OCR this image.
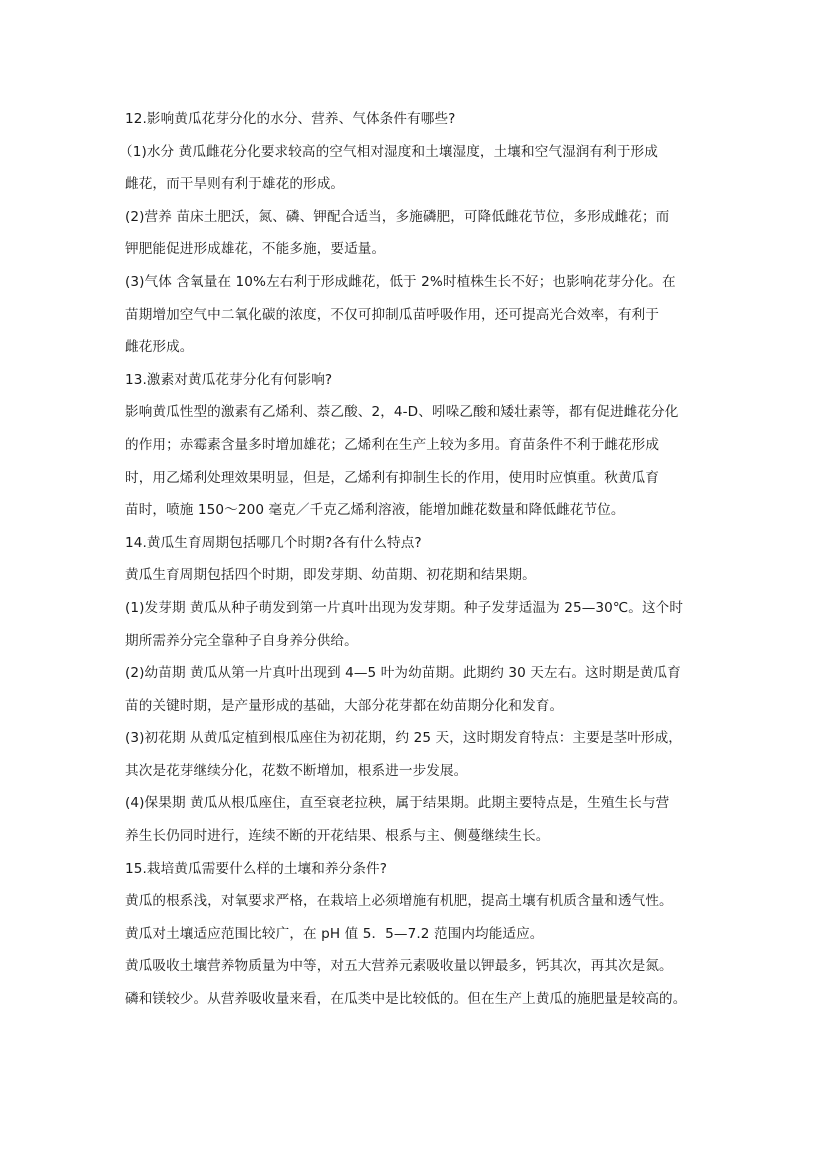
12.影响黄瓜花芽分化的水分、营养、气体条件有哪些?
（1)水分 黄瓜雌花分化要求较高的空气相对湿度和土壤湿度，土壤和空气湿润有利于形成
雌花，而干旱则有利于雄花的形成。
(2)营养 苗床土肥沃，氮、磷、钾配合适当，多施磷肥，可降低雌花节位，多形成雌花；而
钾肥能促进形成雄花，不能多施，要适量。
(3)气体 含氧量在 10%左右利于形成雌花，低于 2%时植株生长不好；也影响花芽分化。在
苗期增加空气中二氧化碳的浓度，不仅可抑制瓜苗呼吸作用，还可提高光合效率，有利于
雌花形成。
13.激素对黄瓜花芽分化有何影响?
影响黄瓜性型的激素有乙烯利、萘乙酸、2，4-D、吲哚乙酸和矮壮素等，都有促进雌花分化
的作用；赤霉素含量多时增加雄花；乙烯利在生产上较为多用。育苗条件不利于雌花形成
时，用乙烯利处理效果明显，但是，乙烯利有抑制生长的作用，使用时应慎重。秋黄瓜育
苗时，喷施 150～200 毫克／千克乙烯利溶液，能增加雌花数量和降低雌花节位。
14.黄瓜生育周期包括哪几个时期?各有什么特点?
黄瓜生育周期包括四个时期，即发芽期、幼苗期、初花期和结果期。
(1)发芽期 黄瓜从种子萌发到第一片真叶出现为发芽期。种子发芽适温为 25—30℃。这个时
期所需养分完全靠种子自身养分供给。
(2)幼苗期 黄瓜从第一片真叶出现到 4—5 叶为幼苗期。此期约 30 天左右。这时期是黄瓜育
苗的关键时期，是产量形成的基础，大部分花芽都在幼苗期分化和发育。
(3)初花期 从黄瓜定植到根瓜座住为初花期，约 25 天，这时期发育特点：主要是茎叶形成，
其次是花芽继续分化，花数不断增加，根系进一步发展。
(4)保果期 黄瓜从根瓜座住，直至衰老拉秧，属于结果期。此期主要特点是，生殖生长与营
养生长仍同时进行，连续不断的开花结果、根系与主、侧蔓继续生长。
15.栽培黄瓜需要什么样的土壤和养分条件?
黄瓜的根系浅，对氧要求严格，在栽培上必须增施有机肥，提高土壤有机质含量和透气性。
黄瓜对土壤适应范围比较广，在 pH 值 5．5—7.2 范围内均能适应。
黄瓜吸收土壤营养物质量为中等，对五大营养元素吸收量以钾最多，钙其次，再其次是氮。
磷和镁较少。从营养吸收量来看，在瓜类中是比较低的。但在生产上黄瓜的施肥量是较高的。
